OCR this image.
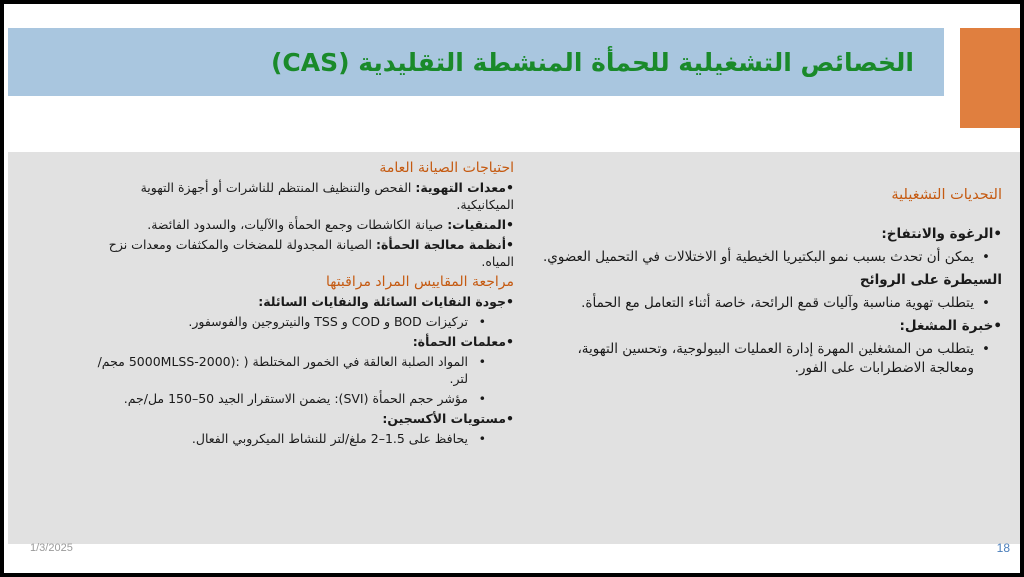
الخصائص التشغيلية للحمأة المنشطة التقليدية (CAS)
التحديات التشغيلية
•الرغوة والانتفاخ:
• يمكن أن تحدث بسبب نمو البكتيريا الخيطية أو الاختلالات في التحميل العضوي.
السيطرة على الروائح
• يتطلب تهوية مناسبة وآليات قمع الرائحة، خاصة أثناء التعامل مع الحمأة.
•خبرة المشغل:
• يتطلب من المشغلين المهرة إدارة العمليات البيولوجية، وتحسين التهوية، ومعالجة الاضطرابات على الفور.
احتياجات الصيانة العامة
•معدات التهوية: الفحص والتنظيف المنتظم للناشرات أو أجهزة التهوية الميكانيكية.
•المنقيات: صيانة الكاشطات وجمع الحمأة والآليات، والسدود الفائضة.
•أنظمة معالجة الحمأة: الصيانة المجدولة للمضخات والمكثفات ومعدات نزح المياه.
مراجعة المقاييس المراد مراقبتها
•جودة النفايات السائلة والنفايات السائلة:
• تركيزات BOD و COD و TSS والنيتروجين والفوسفور.
•معلمات الحمأة:
• المواد الصلبة العالقة في الخمور المختلطة ( :(2000-5000MLSS مجم/لتر.
• مؤشر حجم الحمأة (SVI): يضمن الاستقرار الجيد 50–150 مل/جم.
•مستويات الأكسجين:
• يحافظ على 1.5–2 ملغ/لتر للنشاط الميكروبي الفعال.
1/3/2025	18
